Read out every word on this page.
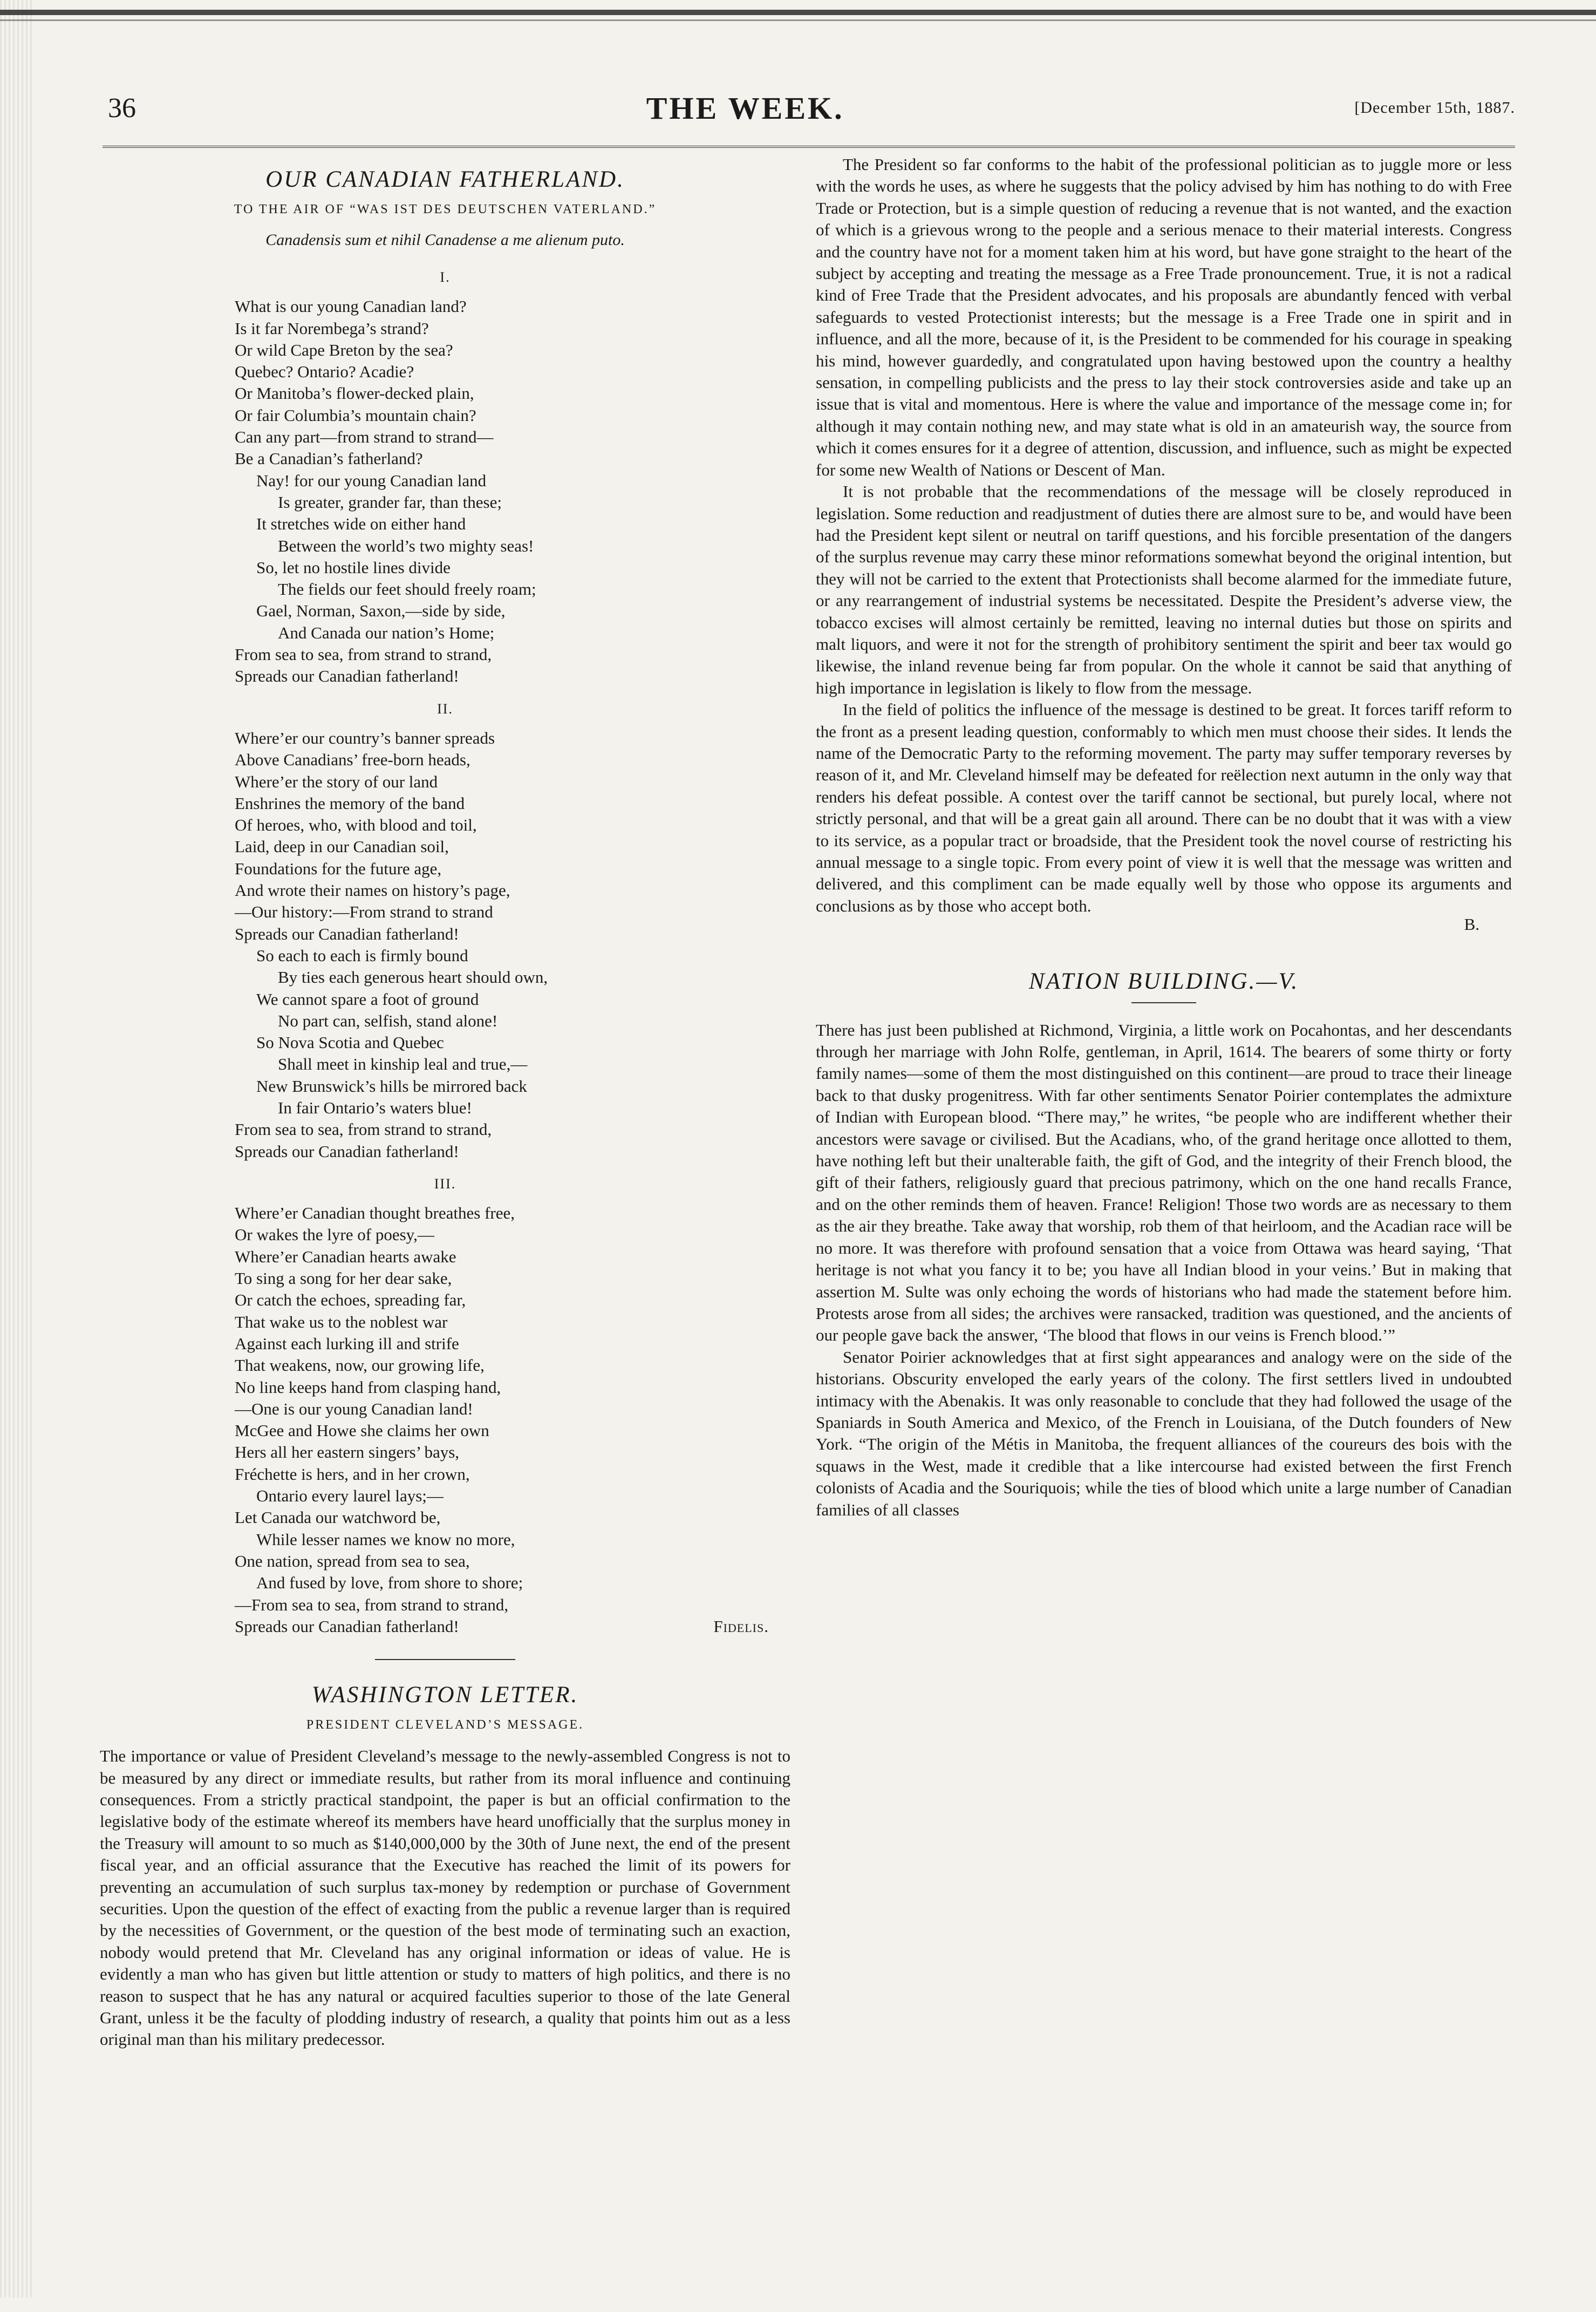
36	THE WEEK.	[December 15th, 1887.
OUR CANADIAN FATHERLAND.
TO THE AIR OF “WAS IST DES DEUTSCHEN VATERLAND.”
Canadensis sum et nihil Canadense a me alienum puto.
I.
What is our young Canadian land?
Is it far Norembega’s strand?
Or wild Cape Breton by the sea?
Quebec? Ontario? Acadie?
Or Manitoba’s flower-decked plain,
Or fair Columbia’s mountain chain?
Can any part—from strand to strand—
Be a Canadian’s fatherland?
Nay! for our young Canadian land
Is greater, grander far, than these;
It stretches wide on either hand
Between the world’s two mighty seas!
So, let no hostile lines divide
The fields our feet should freely roam;
Gael, Norman, Saxon,—side by side,
And Canada our nation’s Home;
From sea to sea, from strand to strand,
Spreads our Canadian fatherland!
II.
Where’er our country’s banner spreads
Above Canadians’ free-born heads,
Where’er the story of our land
Enshrines the memory of the band
Of heroes, who, with blood and toil,
Laid, deep in our Canadian soil,
Foundations for the future age,
And wrote their names on history’s page,
—Our history:—From strand to strand
Spreads our Canadian fatherland!
So each to each is firmly bound
By ties each generous heart should own,
We cannot spare a foot of ground
No part can, selfish, stand alone!
So Nova Scotia and Quebec
Shall meet in kinship leal and true,—
New Brunswick’s hills be mirrored back
In fair Ontario’s waters blue!
From sea to sea, from strand to strand,
Spreads our Canadian fatherland!
III.
Where’er Canadian thought breathes free,
Or wakes the lyre of poesy,—
Where’er Canadian hearts awake
To sing a song for her dear sake,
Or catch the echoes, spreading far,
That wake us to the noblest war
Against each lurking ill and strife
That weakens, now, our growing life,
No line keeps hand from clasping hand,
—One is our young Canadian land!
McGee and Howe she claims her own
Hers all her eastern singers’ bays,
Fréchette is hers, and in her crown,
Ontario every laurel lays;—
Let Canada our watchword be,
While lesser names we know no more,
One nation, spread from sea to sea,
And fused by love, from shore to shore;
—From sea to sea, from strand to strand,
Spreads our Canadian fatherland!	Fidelis.
WASHINGTON LETTER.
PRESIDENT CLEVELAND’S MESSAGE.

The importance or value of President Cleveland’s message to the newly-assembled Congress is not to be measured by any direct or immediate results, but rather from its moral influence and continuing consequences. From a strictly practical standpoint, the paper is but an official confirmation to the legislative body of the estimate whereof its members have heard unofficially that the surplus money in the Treasury will amount to so much as $140,000,000 by the 30th of June next, the end of the present fiscal year, and an official assurance that the Executive has reached the limit of its powers for preventing an accumulation of such surplus tax-money by redemption or purchase of Government securities. Upon the question of the effect of exacting from the public a revenue larger than is required by the necessities of Government, or the question of the best mode of terminating such an exaction, nobody would pretend that Mr. Cleveland has any original information or ideas of value. He is evidently a man who has given but little attention or study to matters of high politics, and there is no reason to suspect that he has any natural or acquired faculties superior to those of the late General Grant, unless it be the faculty of plodding industry of research, a quality that points him out as a less original man than his military predecessor.

The President so far conforms to the habit of the professional politician as to juggle more or less with the words he uses, as where he suggests that the policy advised by him has nothing to do with Free Trade or Protection, but is a simple question of reducing a revenue that is not wanted, and the exaction of which is a grievous wrong to the people and a serious menace to their material interests. Congress and the country have not for a moment taken him at his word, but have gone straight to the heart of the subject by accepting and treating the message as a Free Trade pronouncement. True, it is not a radical kind of Free Trade that the President advocates, and his proposals are abundantly fenced with verbal safeguards to vested Protectionist interests; but the message is a Free Trade one in spirit and in influence, and all the more, because of it, is the President to be commended for his courage in speaking his mind, however guardedly, and congratulated upon having bestowed upon the country a healthy sensation, in compelling publicists and the press to lay their stock controversies aside and take up an issue that is vital and momentous. Here is where the value and importance of the message come in; for although it may contain nothing new, and may state what is old in an amateurish way, the source from which it comes ensures for it a degree of attention, discussion, and influence, such as might be expected for some new Wealth of Nations or Descent of Man.

It is not probable that the recommendations of the message will be closely reproduced in legislation. Some reduction and readjustment of duties there are almost sure to be, and would have been had the President kept silent or neutral on tariff questions, and his forcible presentation of the dangers of the surplus revenue may carry these minor reformations somewhat beyond the original intention, but they will not be carried to the extent that Protectionists shall become alarmed for the immediate future, or any rearrangement of industrial systems be necessitated. Despite the President’s adverse view, the tobacco excises will almost certainly be remitted, leaving no internal duties but those on spirits and malt liquors, and were it not for the strength of prohibitory sentiment the spirit and beer tax would go likewise, the inland revenue being far from popular. On the whole it cannot be said that anything of high importance in legislation is likely to flow from the message.

In the field of politics the influence of the message is destined to be great. It forces tariff reform to the front as a present leading question, conformably to which men must choose their sides. It lends the name of the Democratic Party to the reforming movement. The party may suffer temporary reverses by reason of it, and Mr. Cleveland himself may be defeated for reëlection next autumn in the only way that renders his defeat possible. A contest over the tariff cannot be sectional, but purely local, where not strictly personal, and that will be a great gain all around. There can be no doubt that it was with a view to its service, as a popular tract or broadside, that the President took the novel course of restricting his annual message to a single topic. From every point of view it is well that the message was written and delivered, and this compliment can be made equally well by those who oppose its arguments and conclusions as by those who accept both.

B.
NATION BUILDING.—V.

There has just been published at Richmond, Virginia, a little work on Pocahontas, and her descendants through her marriage with John Rolfe, gentleman, in April, 1614. The bearers of some thirty or forty family names—some of them the most distinguished on this continent—are proud to trace their lineage back to that dusky progenitress. With far other sentiments Senator Poirier contemplates the admixture of Indian with European blood. “There may,” he writes, “be people who are indifferent whether their ancestors were savage or civilised. But the Acadians, who, of the grand heritage once allotted to them, have nothing left but their unalterable faith, the gift of God, and the integrity of their French blood, the gift of their fathers, religiously guard that precious patrimony, which on the one hand recalls France, and on the other reminds them of heaven. France! Religion! Those two words are as necessary to them as the air they breathe. Take away that worship, rob them of that heirloom, and the Acadian race will be no more. It was therefore with profound sensation that a voice from Ottawa was heard saying, ‘That heritage is not what you fancy it to be; you have all Indian blood in your veins.’ But in making that assertion M. Sulte was only echoing the words of historians who had made the statement before him. Protests arose from all sides; the archives were ransacked, tradition was questioned, and the ancients of our people gave back the answer, ‘The blood that flows in our veins is French blood.’”

Senator Poirier acknowledges that at first sight appearances and analogy were on the side of the historians. Obscurity enveloped the early years of the colony. The first settlers lived in undoubted intimacy with the Abenakis. It was only reasonable to conclude that they had followed the usage of the Spaniards in South America and Mexico, of the French in Louisiana, of the Dutch founders of New York. “The origin of the Métis in Manitoba, the frequent alliances of the coureurs des bois with the squaws in the West, made it credible that a like intercourse had existed between the first French colonists of Acadia and the Souriquois; while the ties of blood which unite a large number of Canadian families of all classes
